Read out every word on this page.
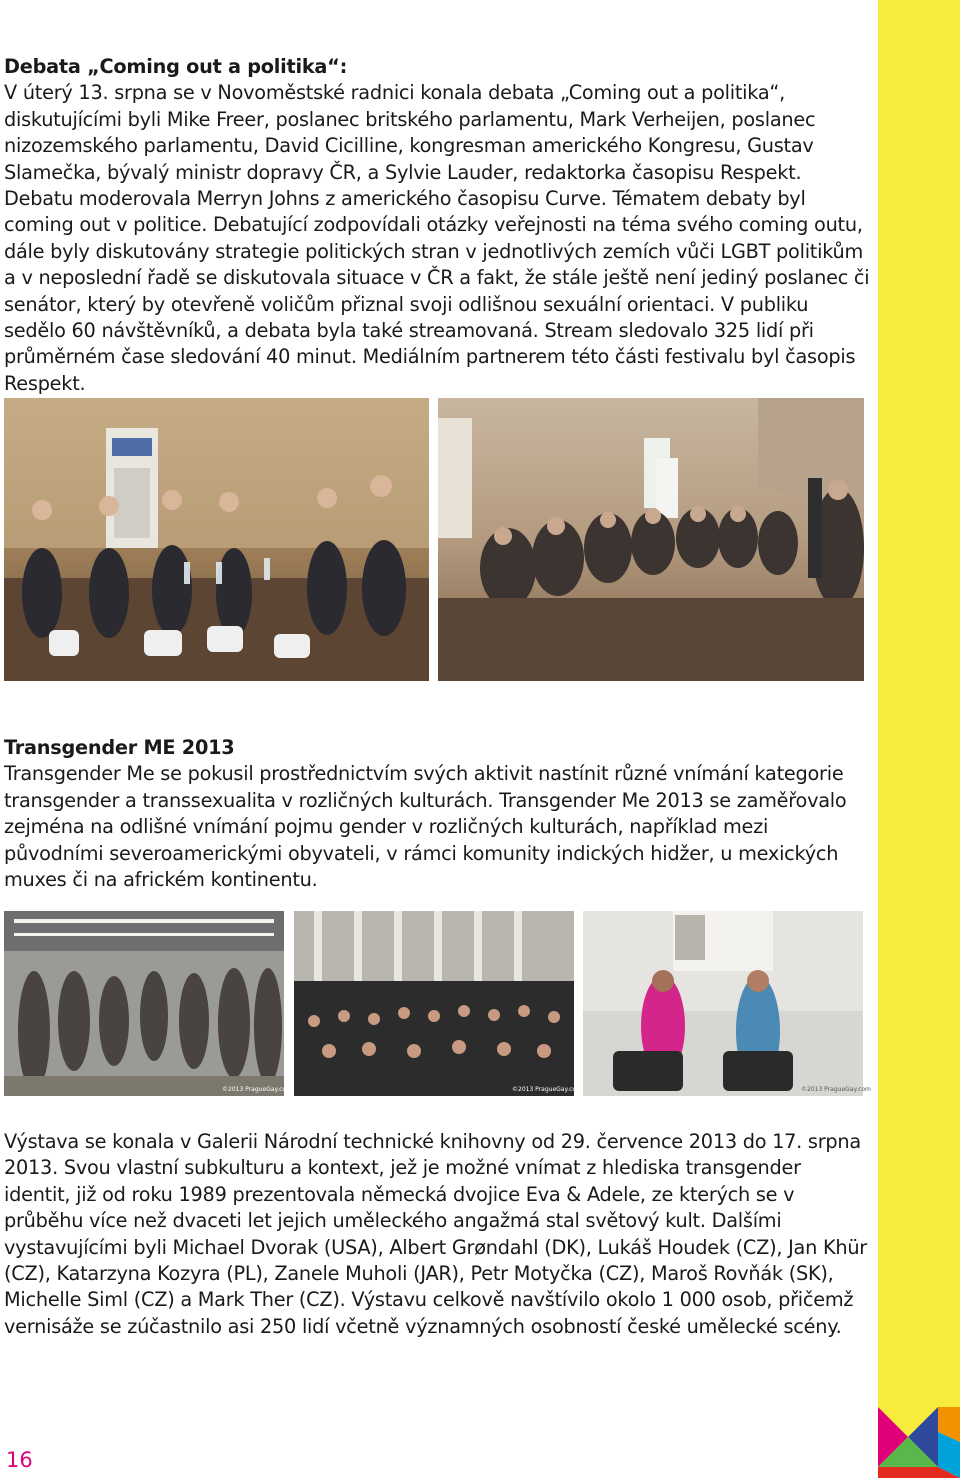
Debata „Coming out a politika“:

V úterý 13. srpna se v Novoměstské radnici konala debata „Coming out a politika“, diskutujícími byli Mike Freer, poslanec britského parlamentu, Mark Verheijen, poslanec nizozemského parlamentu, David Cicilline, kongresman amerického Kongresu, Gustav Slamečka, bývalý ministr dopravy ČR, a Sylvie Lauder, redaktorka časopisu Respekt. Debatu moderovala Merryn Johns z amerického časopisu Curve. Tématem debaty byl coming out v politice. Debatující zodpovídali otázky veřejnosti na téma svého coming outu, dále byly diskutovány strategie politických stran v jednotlivých zemích vůči LGBT politikům a v neposlední řadě se diskutovala situace v ČR a fakt, že stále ještě není jediný poslanec či senátor, který by otevřeně voličům přiznal svoji odlišnou sexuální orientaci. V publiku sedělo 60 návštěvníků, a debata byla také streamovaná. Stream sledovalo 325 lidí při průměrném čase sledování 40 minut. Mediálním partnerem této části festivalu byl časopis Respekt.

Transgender ME 2013

Transgender Me se pokusil prostřednictvím svých aktivit nastínit různé vnímání kategorie transgender a transsexualita v rozličných kulturách. Transgender Me 2013 se zaměřovalo zejména na odlišné vnímání pojmu gender v rozličných kulturách, například mezi původními severoamerickými obyvateli, v rámci komunity indických hidžer, u mexických muxes či na africkém kontinentu.

©2013 PragueGay.com	©2013 PragueGay.com	©2013 PragueGay.com

Výstava se konala v Galerii Národní technické knihovny od 29. července 2013 do 17. srpna 2013. Svou vlastní subkulturu a kontext, jež je možné vnímat z hlediska transgender identit, již od roku 1989 prezentovala německá dvojice Eva & Adele, ze kterých se v průběhu více než dvaceti let jejich uměleckého angažmá stal světový kult. Dalšími vystavujícími byli Michael Dvorak (USA), Albert Grøndahl (DK), Lukáš Houdek (CZ), Jan Khür (CZ), Katarzyna Kozyra (PL), Zanele Muholi (JAR), Petr Motyčka (CZ), Maroš Rovňák (SK), Michelle Siml (CZ) a Mark Ther (CZ). Výstavu celkově navštívilo okolo 1 000 osob, přičemž vernisáže se zúčastnilo asi 250 lidí včetně významných osobností české umělecké scény.

16
